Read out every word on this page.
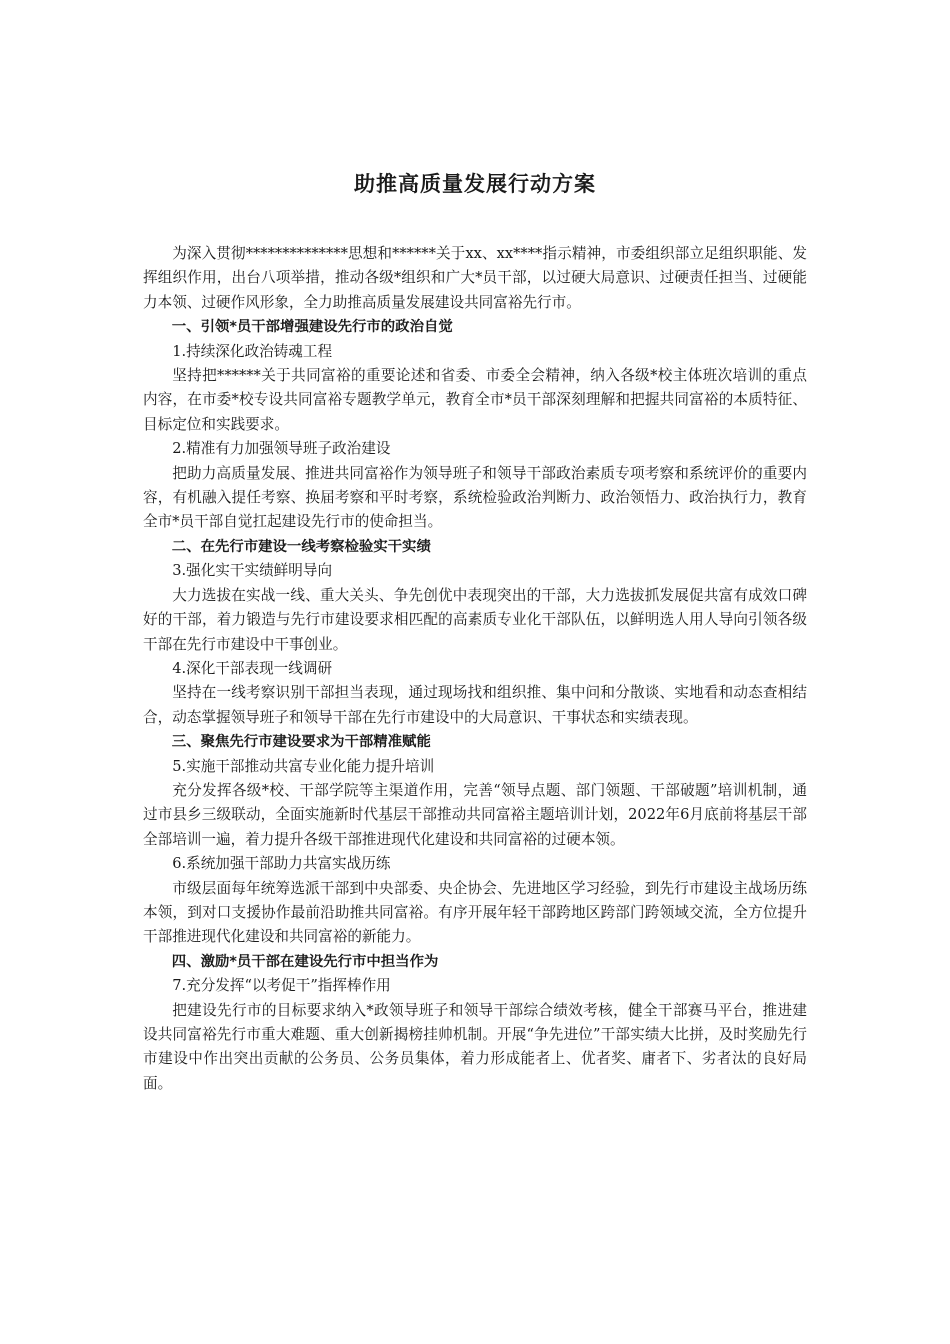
助推高质量发展行动方案

为深入贯彻**************思想和******关于xx、xx****指示精神，市委组织部立足组织职能、发挥组织作用，出台八项举措，推动各级*组织和广大*员干部，以过硬大局意识、过硬责任担当、过硬能力本领、过硬作风形象，全力助推高质量发展建设共同富裕先行市。

一、引领*员干部增强建设先行市的政治自觉

1.持续深化政治铸魂工程

坚持把******关于共同富裕的重要论述和省委、市委全会精神，纳入各级*校主体班次培训的重点内容，在市委*校专设共同富裕专题教学单元，教育全市*员干部深刻理解和把握共同富裕的本质特征、目标定位和实践要求。

2.精准有力加强领导班子政治建设

把助力高质量发展、推进共同富裕作为领导班子和领导干部政治素质专项考察和系统评价的重要内容，有机融入提任考察、换届考察和平时考察，系统检验政治判断力、政治领悟力、政治执行力，教育全市*员干部自觉扛起建设先行市的使命担当。

二、在先行市建设一线考察检验实干实绩

3.强化实干实绩鲜明导向

大力选拔在实战一线、重大关头、争先创优中表现突出的干部，大力选拔抓发展促共富有成效口碑好的干部，着力锻造与先行市建设要求相匹配的高素质专业化干部队伍，以鲜明选人用人导向引领各级干部在先行市建设中干事创业。

4.深化干部表现一线调研

坚持在一线考察识别干部担当表现，通过现场找和组织推、集中问和分散谈、实地看和动态查相结合，动态掌握领导班子和领导干部在先行市建设中的大局意识、干事状态和实绩表现。

三、聚焦先行市建设要求为干部精准赋能

5.实施干部推动共富专业化能力提升培训

充分发挥各级*校、干部学院等主渠道作用，完善“领导点题、部门领题、干部破题”培训机制，通过市县乡三级联动，全面实施新时代基层干部推动共同富裕主题培训计划，2022年6月底前将基层干部全部培训一遍，着力提升各级干部推进现代化建设和共同富裕的过硬本领。

6.系统加强干部助力共富实战历练

市级层面每年统筹选派干部到中央部委、央企协会、先进地区学习经验，到先行市建设主战场历练本领，到对口支援协作最前沿助推共同富裕。有序开展年轻干部跨地区跨部门跨领域交流，全方位提升干部推进现代化建设和共同富裕的新能力。

四、激励*员干部在建设先行市中担当作为

7.充分发挥“以考促干”指挥棒作用

把建设先行市的目标要求纳入*政领导班子和领导干部综合绩效考核，健全干部赛马平台，推进建设共同富裕先行市重大难题、重大创新揭榜挂帅机制。开展“争先进位”干部实绩大比拼，及时奖励先行市建设中作出突出贡献的公务员、公务员集体，着力形成能者上、优者奖、庸者下、劣者汰的良好局面。
